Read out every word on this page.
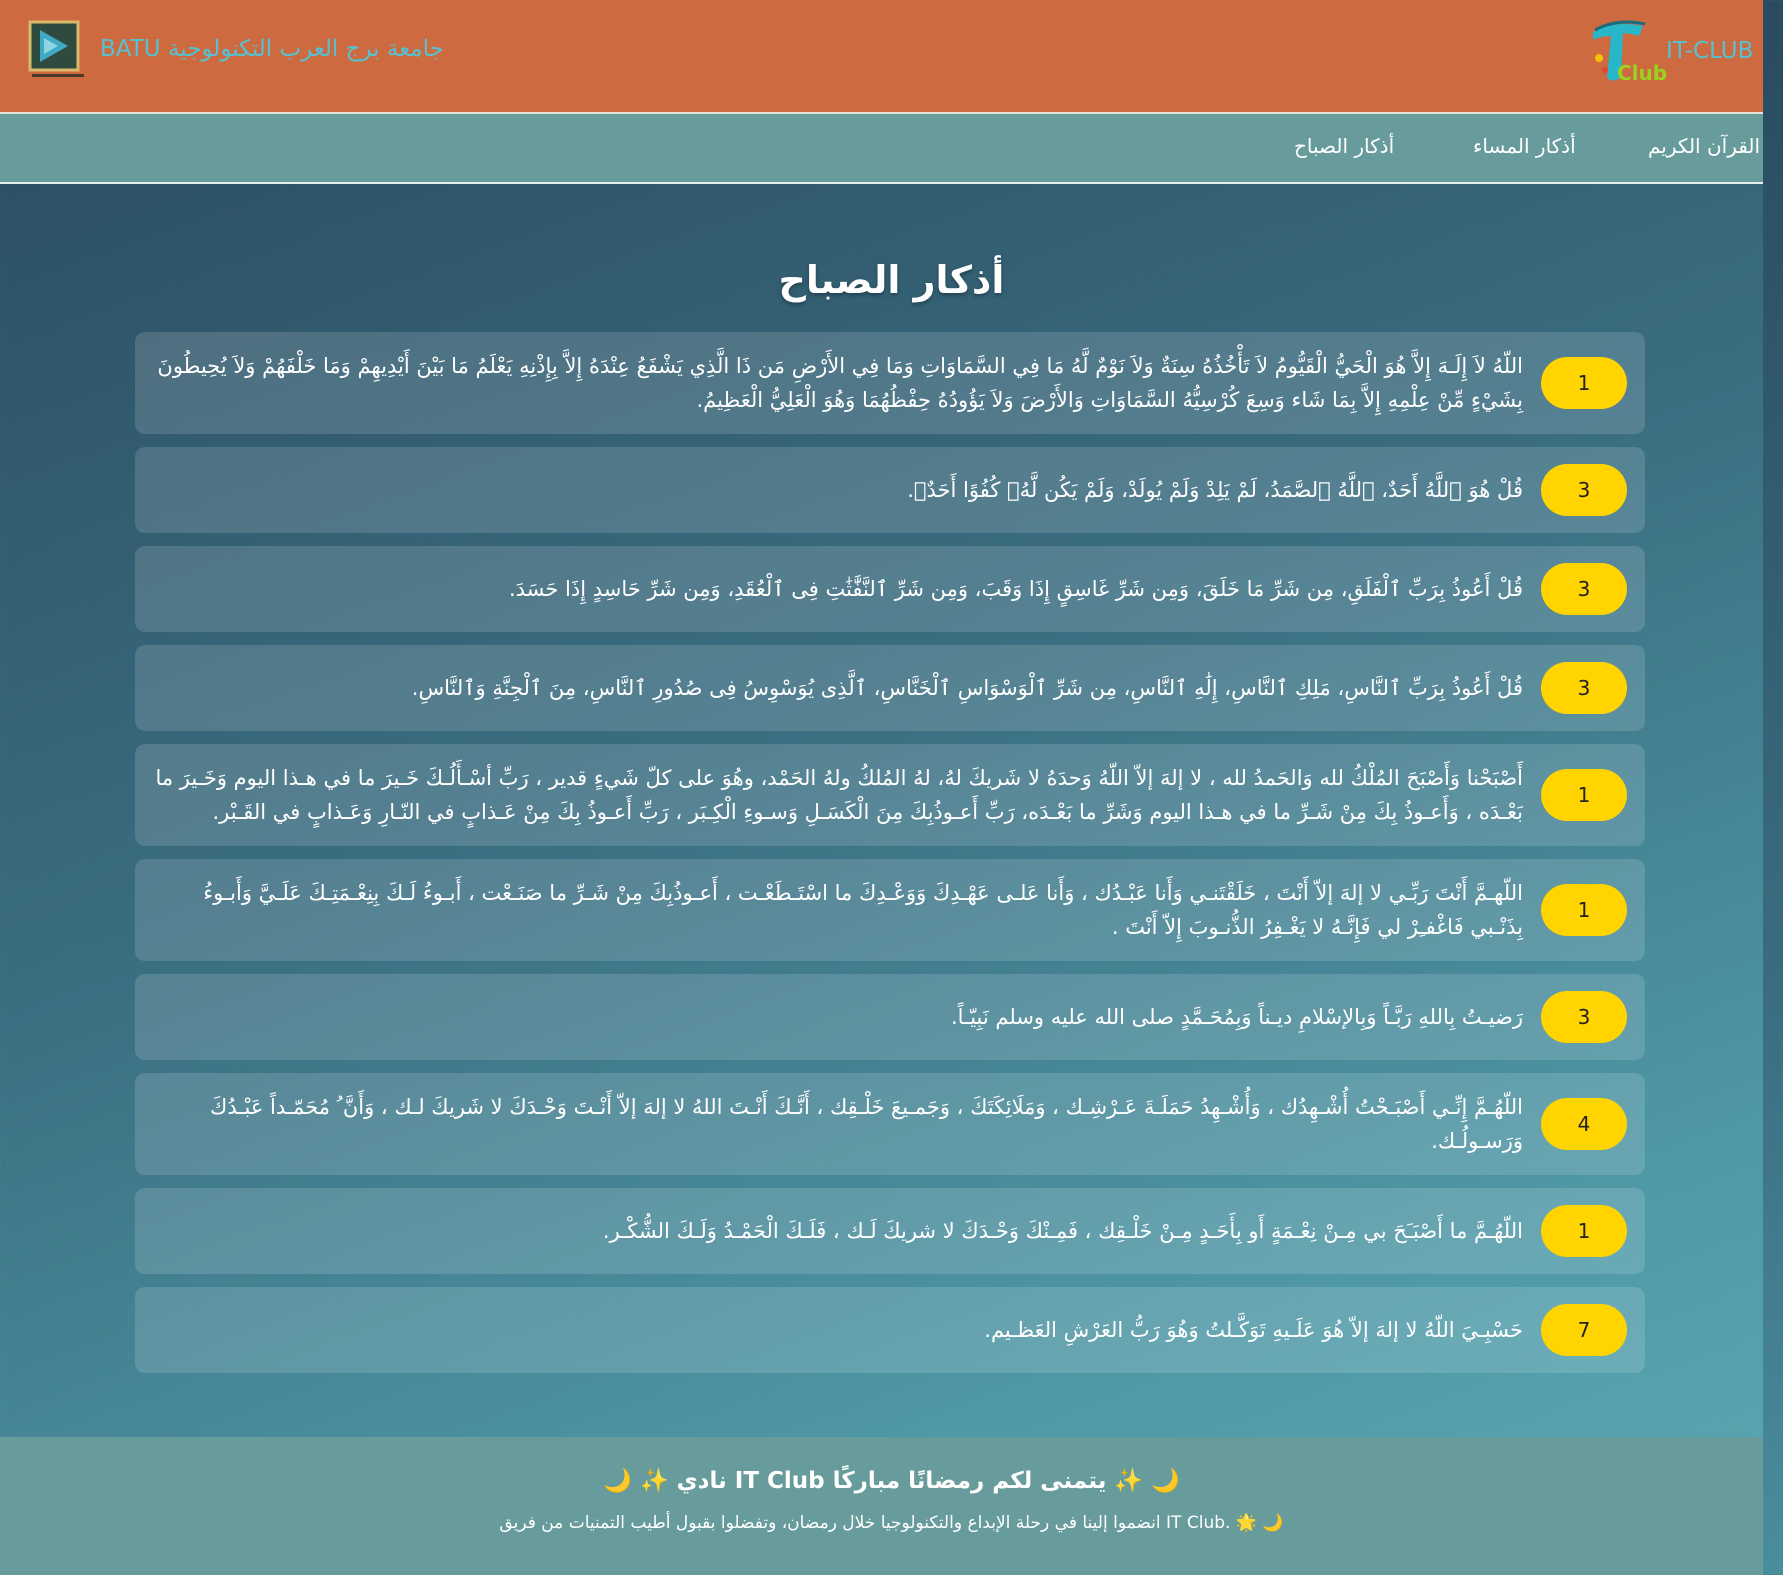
جامعة برج العرب التكنولوجية BATU
Club
IT-CLUB
القرآن الكريم
أذكار المساء
أذكار الصباح
أذكار الصباح
اللّهُ لاَ إِلَـهَ إِلاَّ هُوَ الْحَيُّ الْقَيُّومُ لاَ تَأْخُذُهُ سِنَةٌ وَلاَ نَوْمٌ لَّهُ مَا فِي السَّمَاوَاتِ وَمَا فِي الأَرْضِ مَن ذَا الَّذِي يَشْفَعُ عِنْدَهُ إِلاَّ بِإِذْنِهِ يَعْلَمُ مَا بَيْنَ أَيْدِيهِمْ وَمَا خَلْفَهُمْ وَلاَ يُحِيطُونَ بِشَيْءٍ مِّنْ عِلْمِهِ إِلاَّ بِمَا شَاء وَسِعَ كُرْسِيُّهُ السَّمَاوَاتِ وَالأَرْضَ وَلاَ يَؤُودُهُ حِفْظُهُمَا وَهُوَ الْعَلِيُّ الْعَظِيمُ.
1
قُلْ هُوَ ٱللَّهُ أَحَدٌ، ٱللَّهُ ٱلصَّمَدُ، لَمْ يَلِدْ وَلَمْ يُولَدْ، وَلَمْ يَكُن لَّهُۥ كُفُوًا أَحَدٌۢ.	3
قُلْ أَعُوذُ بِرَبِّ ٱلْفَلَقِ، مِن شَرِّ مَا خَلَقَ، وَمِن شَرِّ غَاسِقٍ إِذَا وَقَبَ، وَمِن شَرِّ ٱلنَّفَّٰثَٰتِ فِى ٱلْعُقَدِ، وَمِن شَرِّ حَاسِدٍ إِذَا حَسَدَ.	3
قُلْ أَعُوذُ بِرَبِّ ٱلنَّاسِ، مَلِكِ ٱلنَّاسِ، إِلَٰهِ ٱلنَّاسِ، مِن شَرِّ ٱلْوَسْوَاسِ ٱلْخَنَّاسِ، ٱلَّذِى يُوَسْوِسُ فِى صُدُورِ ٱلنَّاسِ، مِنَ ٱلْجِنَّةِ وَٱلنَّاسِ.	3
أَصْبَحْنا وَأَصْبَحَ المُلْكُ لله وَالحَمدُ لله ، لا إلهَ إلاّ اللّهُ وَحدَهُ لا شَريكَ لهُ، لهُ المُلكُ ولهُ الحَمْد، وهُوَ على كلّ شَيءٍ قدير ، رَبِّ أسْـأَلُـكَ خَـيرَ ما في هـذا اليوم وَخَـيرَ ما بَعْـدَه ، وَأَعـوذُ بِكَ مِنْ شَـرِّ ما في هـذا اليوم وَشَرِّ ما بَعْـدَه، رَبِّ أَعـوذُبِكَ مِنَ الْكَسَـلِ وَسـوءِ الْكِـبَر ، رَبِّ أَعـوذُ بِكَ مِنْ عَـذابٍ في النّـارِ وَعَـذابٍ في القَـبْر.
1
اللّهـمَّ أَنْتَ رَبِّـي لا إلهَ إلاّ أَنْتَ ، خَلَقْتَنـي وَأَنا عَبْـدُك ، وَأَنا عَلـى عَهْـدِكَ وَوَعْـدِكَ ما اسْتَـطَعْـت ، أَعـوذُبِكَ مِنْ شَـرِّ ما صَنَـعْت ، أَبـوءُ لَـكَ بِنِعْـمَتِـكَ عَلَـيَّ وَأَبـوءُ بِذَنْـبي فَاغْفـِرْ لي فَإِنَّـهُ لا يَغْـفِرُ الذُّنـوبَ إِلاّ أَنْتَ .
1
رَضيـتُ بِاللهِ رَبَّـاً وَبِالإسْلامِ ديـناً وَبِمُحَـمَّدٍ صلى الله عليه وسلم نَبِيّـاً.	3
اللّهُـمَّ إِنِّـي أَصْبَـحْتُ أُشْـهِدُك ، وَأُشْـهِدُ حَمَلَـةَ عَـرْشِـك ، وَمَلَائِكَتَكَ ، وَجَمـيعَ خَلْـقِك ، أَنَّـكَ أَنْـتَ اللهُ لا إلهَ إلاّ أَنْـتَ وَحْـدَكَ لا شَريكَ لـك ، وَأَنَّ ُ مُحَمّـداً عَبْـدُكَ وَرَسـولُـك.
4
اللّهُـمَّ ما أَصْبَـَحَ بي مِـنْ نِعْـمَةٍ أَو بِأَحَـدٍ مِـنْ خَلْـقِك ، فَمِـنْكَ وَحْـدَكَ لا شريكَ لَـك ، فَلَـكَ الْحَمْـدُ وَلَـكَ الشُّكْـر.	1
حَسْبِـيَ اللّهُ لا إلهَ إلاّ هُوَ عَلَـيهِ تَوَكَّـلتُ وَهُوَ رَبُّ العَرْشِ العَظـيم.	7
🌙 ✨ يتمنى لكم رمضانًا مباركًا IT Club نادي ✨ 🌙
🌙 🌟 .IT Club انضموا إلينا في رحلة الإبداع والتكنولوجيا خلال رمضان، وتفضلوا بقبول أطيب التمنيات من فريق
